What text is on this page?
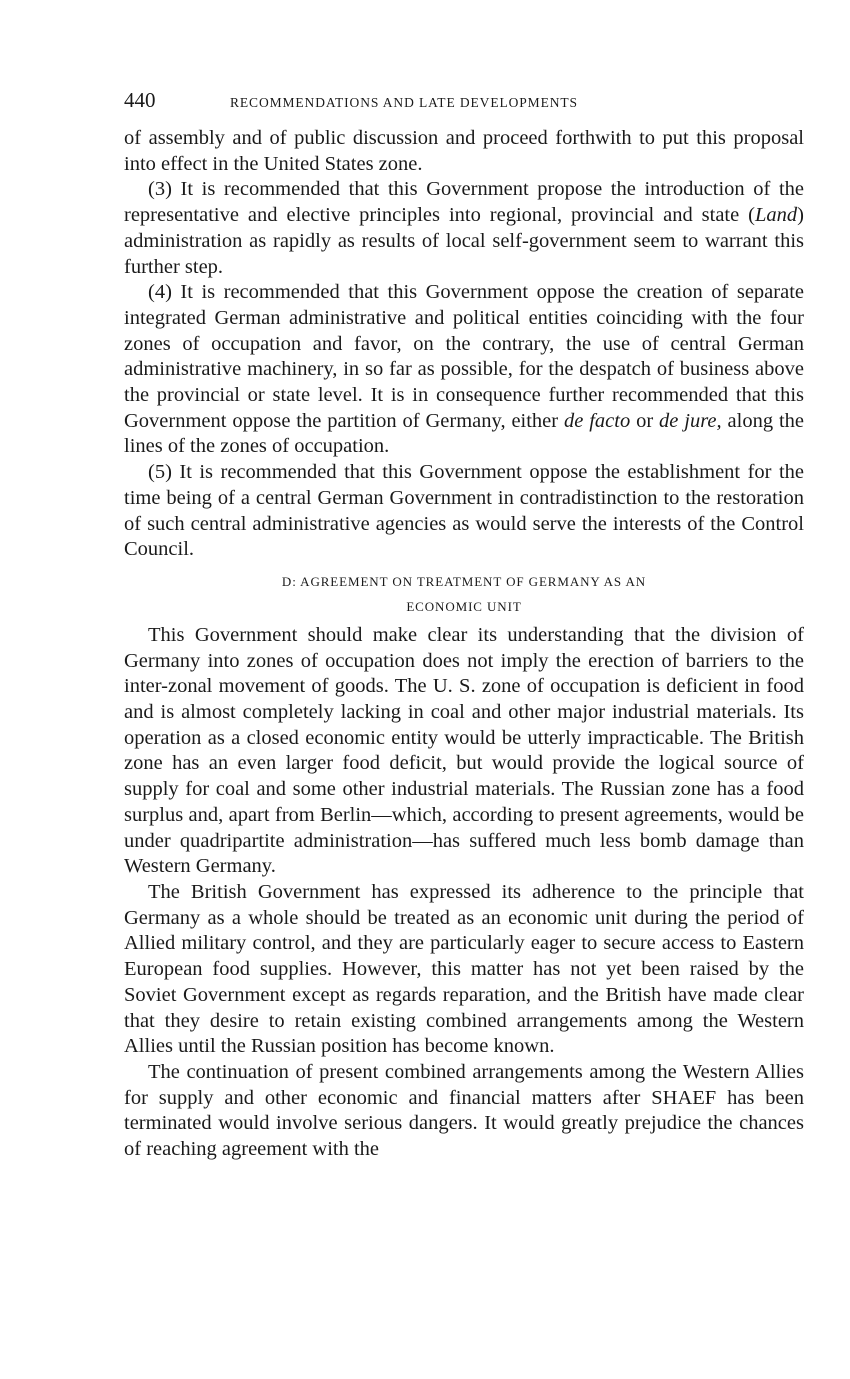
440	RECOMMENDATIONS AND LATE DEVELOPMENTS

of assembly and of public discussion and proceed forthwith to put this proposal into effect in the United States zone.

(3) It is recommended that this Government propose the introduction of the representative and elective principles into regional, provincial and state (Land) administration as rapidly as results of local self-government seem to warrant this further step.

(4) It is recommended that this Government oppose the creation of separate integrated German administrative and political entities coinciding with the four zones of occupation and favor, on the contrary, the use of central German administrative machinery, in so far as possible, for the despatch of business above the provincial or state level. It is in consequence further recommended that this Government oppose the partition of Germany, either de facto or de jure, along the lines of the zones of occupation.

(5) It is recommended that this Government oppose the establishment for the time being of a central German Government in contradistinction to the restoration of such central administrative agencies as would serve the interests of the Control Council.

D: AGREEMENT ON TREATMENT OF GERMANY AS AN
ECONOMIC UNIT

This Government should make clear its understanding that the division of Germany into zones of occupation does not imply the erection of barriers to the inter-zonal movement of goods. The U. S. zone of occupation is deficient in food and is almost completely lacking in coal and other major industrial materials. Its operation as a closed economic entity would be utterly impracticable. The British zone has an even larger food deficit, but would provide the logical source of supply for coal and some other industrial materials. The Russian zone has a food surplus and, apart from Berlin—which, according to present agreements, would be under quadripartite administration—has suffered much less bomb damage than Western Germany.

The British Government has expressed its adherence to the principle that Germany as a whole should be treated as an economic unit during the period of Allied military control, and they are particularly eager to secure access to Eastern European food supplies. However, this matter has not yet been raised by the Soviet Government except as regards reparation, and the British have made clear that they desire to retain existing combined arrangements among the Western Allies until the Russian position has become known.

The continuation of present combined arrangements among the Western Allies for supply and other economic and financial matters after SHAEF has been terminated would involve serious dangers. It would greatly prejudice the chances of reaching agreement with the
